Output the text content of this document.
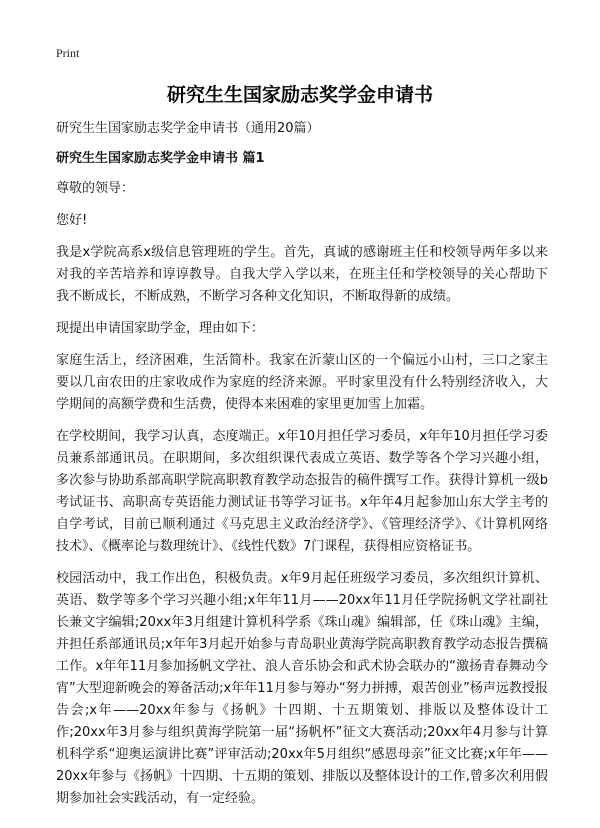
Print
研究生生国家励志奖学金申请书

研究生生国家励志奖学金申请书（通用20篇）

研究生生国家励志奖学金申请书 篇1

尊敬的领导：

您好!

我是x学院高系x级信息管理班的学生。首先，真诚的感谢班主任和校领导两年多以来对我的辛苦培养和谆谆教导。自我大学入学以来，在班主任和学校领导的关心帮助下我不断成长，不断成熟，不断学习各种文化知识，不断取得新的成绩。

现提出申请国家助学金，理由如下：

家庭生活上，经济困难，生活简朴。我家在沂蒙山区的一个偏远小山村，三口之家主要以几亩农田的庄家收成作为家庭的经济来源。平时家里没有什么特别经济收入，大学期间的高额学费和生活费，使得本来困难的家里更加雪上加霜。

在学校期间，我学习认真，态度端正。x年10月担任学习委员，x年年10月担任学习委员兼系部通讯员。在职期间，多次组织课代表成立英语、数学等各个学习兴趣小组，多次参与协助系部高职学院高职教育教学动态报告的稿件撰写工作。获得计算机一级b考试证书、高职高专英语能力测试证书等学习证书。x年年4月起参加山东大学主考的自学考试，目前已顺利通过《马克思主义政治经济学》、《管理经济学》、《计算机网络技术》、《概率论与数理统计》、《线性代数》7门课程，获得相应资格证书。

校园活动中，我工作出色，积极负责。x年9月起任班级学习委员，多次组织计算机、英语、数学等多个学习兴趣小组;x年年11月——20xx年11月任学院扬帆文学社副社长兼文字编辑;20xx年3月组建计算机科学系《珠山魂》编辑部，任《珠山魂》主编，并担任系部通讯员;x年年3月起开始参与青岛职业黄海学院高职教育教学动态报告撰稿工作。x年年11月参加扬帆文学社、浪人音乐协会和武术协会联办的“激扬青春舞动今宵”大型迎新晚会的筹备活动;x年年11月参与筹办“努力拼搏，艰苦创业”杨声远教授报告会;x年——20xx年参与《扬帆》十四期、十五期策划、排版以及整体设计工作;20xx年3月参与组织黄海学院第一届“扬帆杯”征文大赛活动;20xx年4月参与计算机科学系“迎奥运演讲比赛”评审活动;20xx年5月组织“感恩母亲”征文比赛;x年年——20xx年参与《扬帆》十四期、十五期的策划、排版以及整体设计的工作,曾多次利用假期参加社会实践活动，有一定经验。
